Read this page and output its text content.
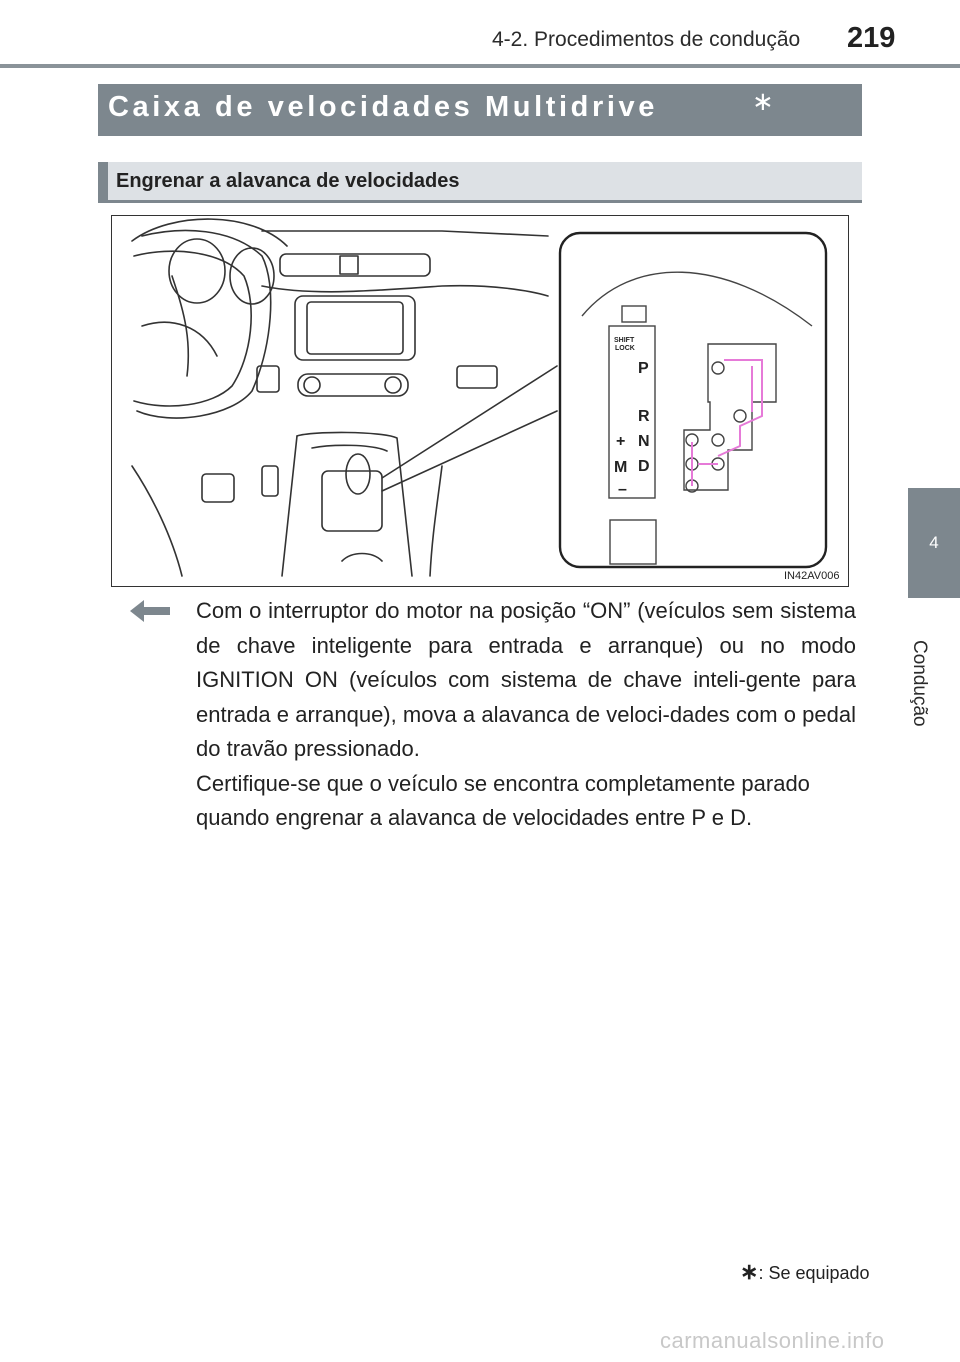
4-2. Procedimentos de condução 219
4
Condução
Caixa de velocidades Multidrive	∗
Engrenar a alavanca de velocidades
SHIFT
LOCK
P
R
N
D
+
M
–
IN42AV006

Com o interruptor do motor na posição “ON” (veículos sem sistema de chave inteligente para entrada e arranque) ou no modo IGNITION ON (veículos com sistema de chave inteli-gente para entrada e arranque), mova a alavanca de veloci-dades com o pedal do travão pressionado.

Certifique-se que o veículo se encontra completamente parado quando engrenar a alavanca de velocidades entre P e D.

∗: Se equipado
carmanualsonline.info
